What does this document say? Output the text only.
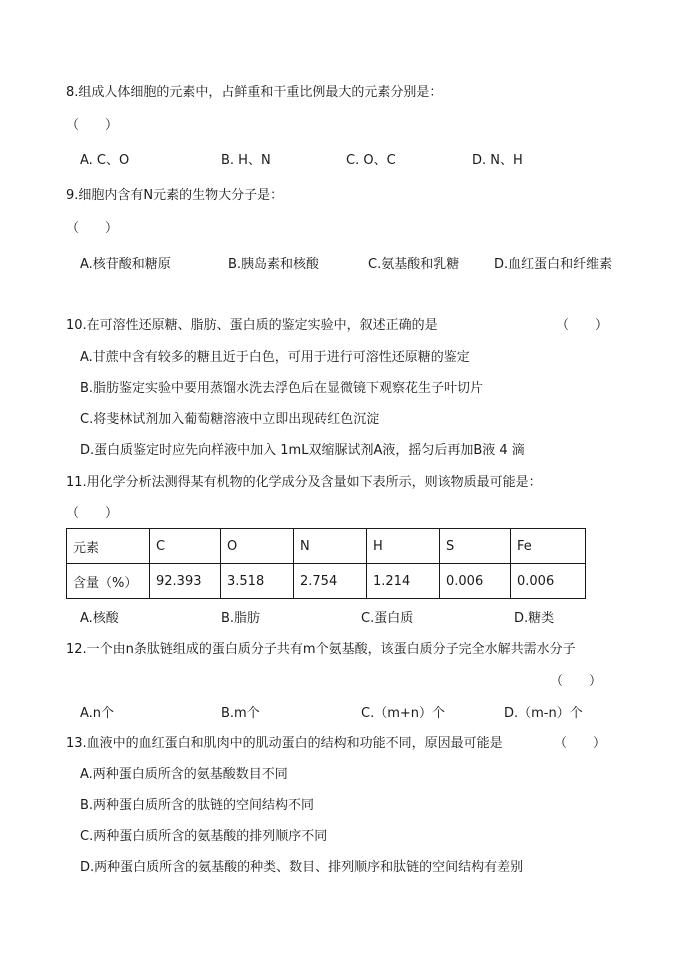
8.组成人体细胞的元素中，占鲜重和干重比例最大的元素分别是：
（　　）
A. C、O	B. H、N	C. O、C	D. N、H
9.细胞内含有N元素的生物大分子是：
（　　）
A.核苷酸和糖原	B.胰岛素和核酸	C.氨基酸和乳糖	D.血红蛋白和纤维素
10.在可溶性还原糖、脂肪、蛋白质的鉴定实验中，叙述正确的是	（　　）
A.甘蔗中含有较多的糖且近于白色，可用于进行可溶性还原糖的鉴定
B.脂肪鉴定实验中要用蒸馏水洗去浮色后在显微镜下观察花生子叶切片
C.将斐林试剂加入葡萄糖溶液中立即出现砖红色沉淀
D.蛋白质鉴定时应先向样液中加入 1mL双缩脲试剂A液，摇匀后再加B液 4 滴
11.用化学分析法测得某有机物的化学成分及含量如下表所示，则该物质最可能是：
（　　）
元素	C	O	N	H	S	Fe
含量（%）	92.393	3.518	2.754	1.214	0.006	0.006
A.核酸	B.脂肪	C.蛋白质	D.糖类
12.一个由n条肽链组成的蛋白质分子共有m个氨基酸，该蛋白质分子完全水解共需水分子
（　　）
A.n个	B.m个	C.（m+n）个	D.（m-n）个
13.血液中的血红蛋白和肌肉中的肌动蛋白的结构和功能不同，原因最可能是	（　　）
A.两种蛋白质所含的氨基酸数目不同
B.两种蛋白质所含的肽链的空间结构不同
C.两种蛋白质所含的氨基酸的排列顺序不同
D.两种蛋白质所含的氨基酸的种类、数目、排列顺序和肽链的空间结构有差别
